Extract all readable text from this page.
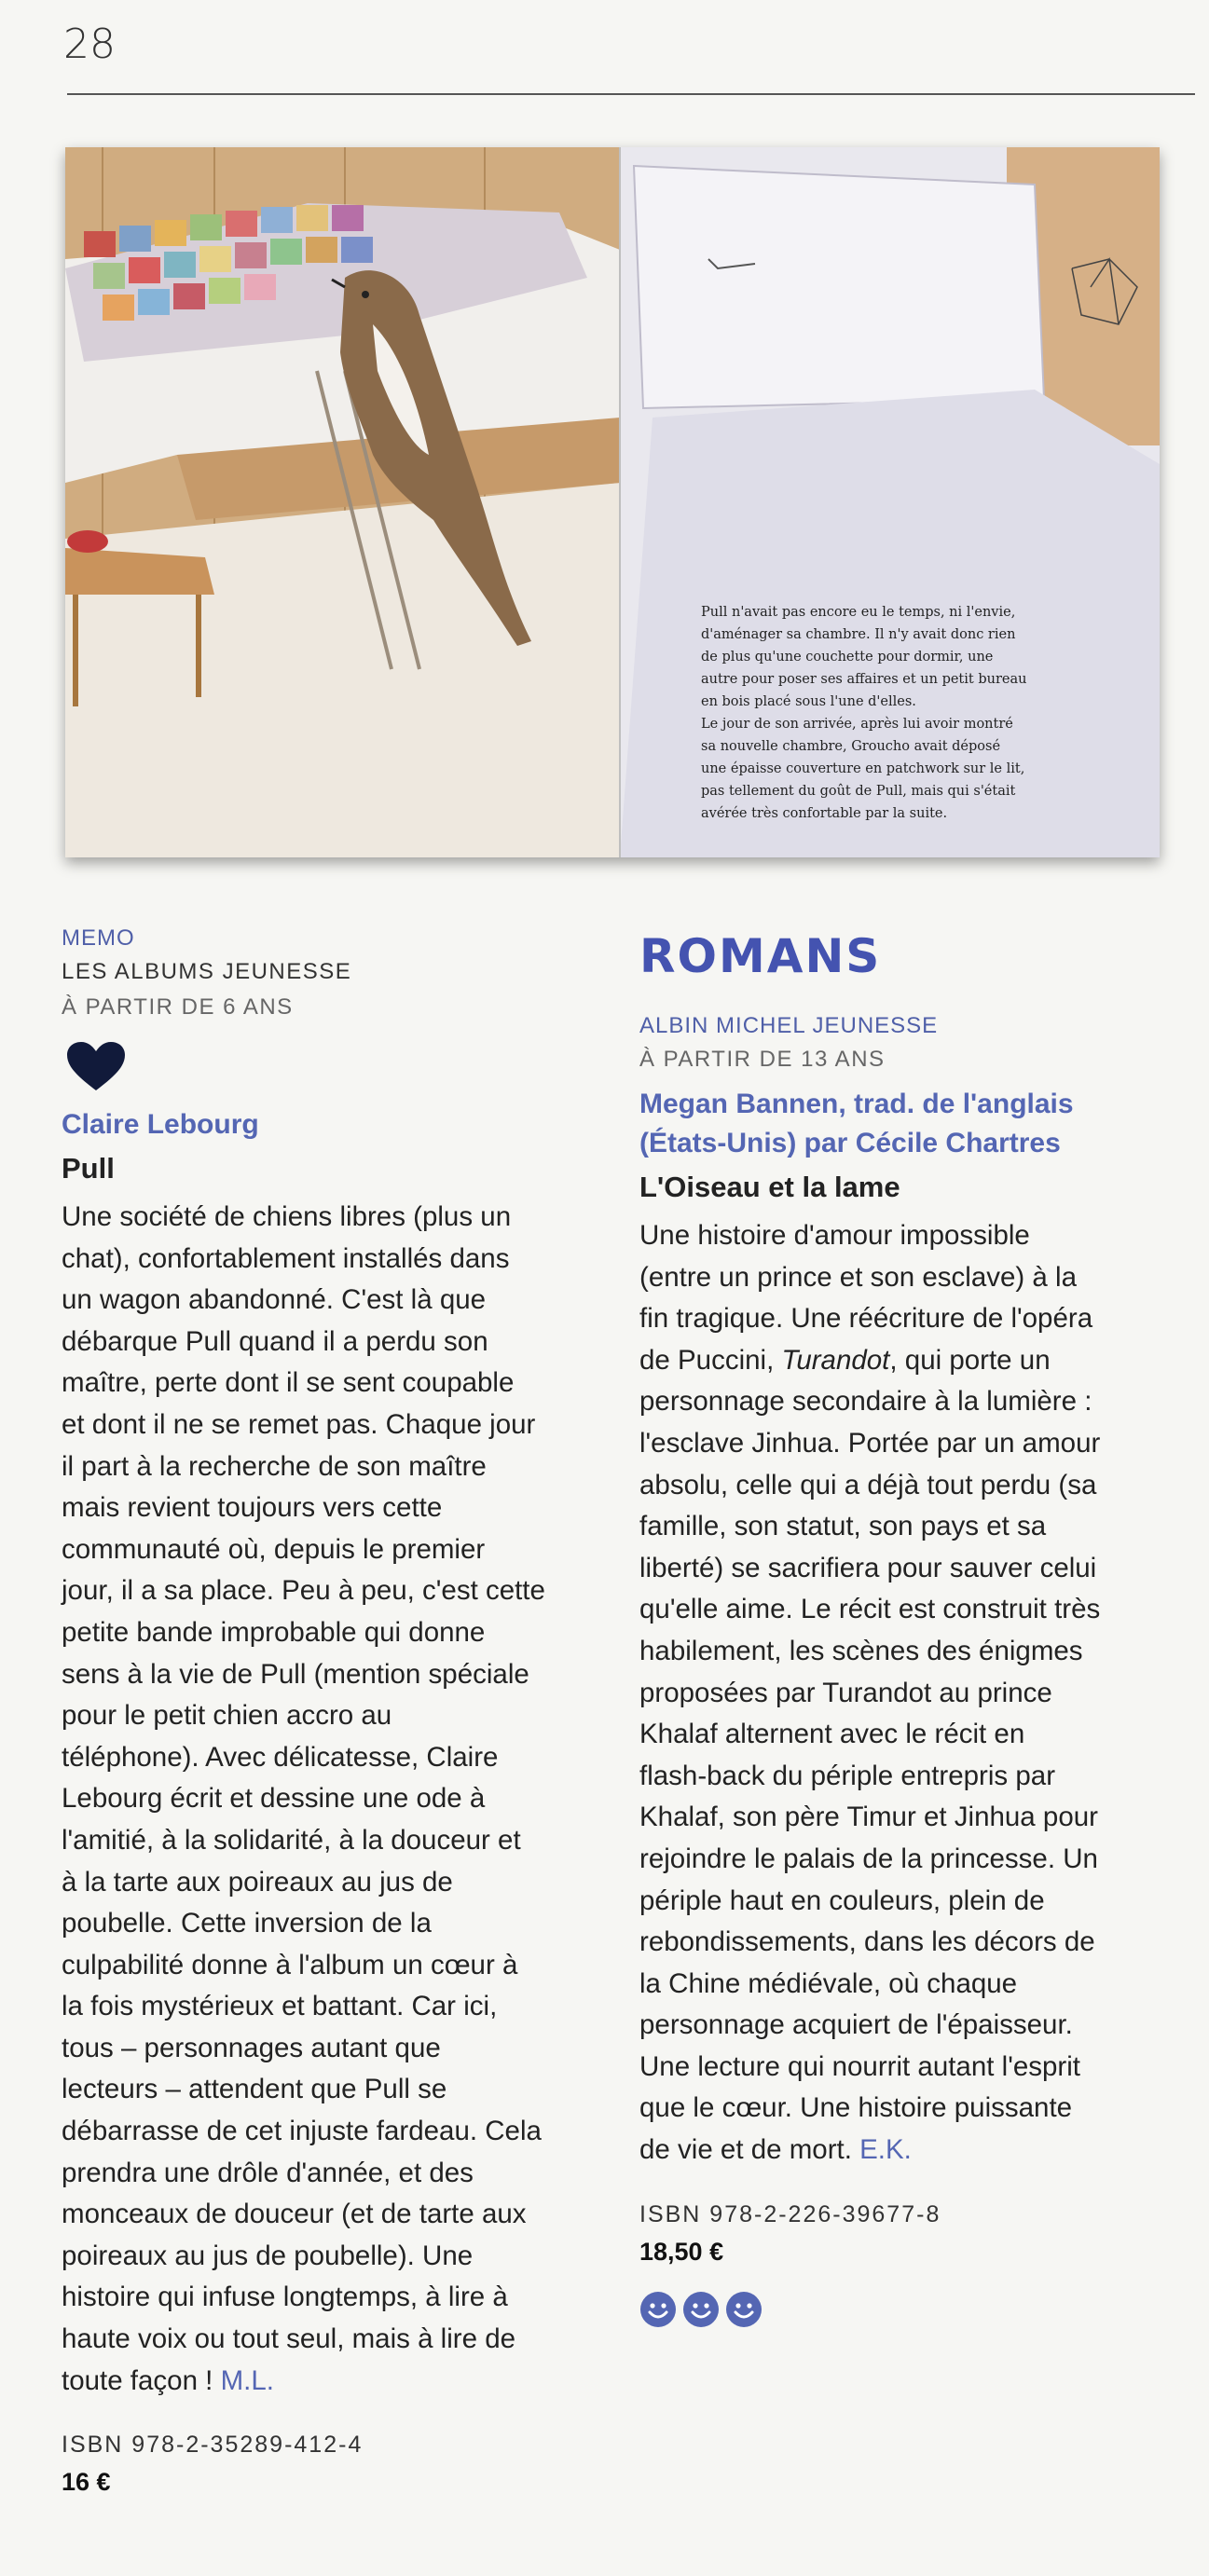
28
Pull n'avait pas encore eu le temps, ni l'envie,
d'aménager sa chambre. Il n'y avait donc rien
de plus qu'une couchette pour dormir, une
autre pour poser ses affaires et un petit bureau
en bois placé sous l'une d'elles.
Le jour de son arrivée, après lui avoir montré
sa nouvelle chambre, Groucho avait déposé
une épaisse couverture en patchwork sur le lit,
pas tellement du goût de Pull, mais qui s'était
avérée très confortable par la suite.
MEMO
LES ALBUMS JEUNESSE
À PARTIR DE 6 ANS
Claire Lebourg
Pull
Une société de chiens libres (plus un
chat), confortablement installés dans
un wagon abandonné. C'est là que
débarque Pull quand il a perdu son
maître, perte dont il se sent coupable
et dont il ne se remet pas. Chaque jour
il part à la recherche de son maître
mais revient toujours vers cette
communauté où, depuis le premier
jour, il a sa place. Peu à peu, c'est cette
petite bande improbable qui donne
sens à la vie de Pull (mention spéciale
pour le petit chien accro au
téléphone). Avec délicatesse, Claire
Lebourg écrit et dessine une ode à
l'amitié, à la solidarité, à la douceur et
à la tarte aux poireaux au jus de
poubelle. Cette inversion de la
culpabilité donne à l'album un cœur à
la fois mystérieux et battant. Car ici,
tous – personnages autant que
lecteurs – attendent que Pull se
débarrasse de cet injuste fardeau. Cela
prendra une drôle d'année, et des
monceaux de douceur (et de tarte aux
poireaux au jus de poubelle). Une
histoire qui infuse longtemps, à lire à
haute voix ou tout seul, mais à lire de
toute façon ! M.L.
ISBN 978-2-35289-412-4
16 €
ROMANS
ALBIN MICHEL JEUNESSE
À PARTIR DE 13 ANS
Megan Bannen, trad. de l'anglais
(États-Unis) par Cécile Chartres
L'Oiseau et la lame
Une histoire d'amour impossible
(entre un prince et son esclave) à la
fin tragique. Une réécriture de l'opéra
de Puccini, Turandot, qui porte un
personnage secondaire à la lumière :
l'esclave Jinhua. Portée par un amour
absolu, celle qui a déjà tout perdu (sa
famille, son statut, son pays et sa
liberté) se sacrifiera pour sauver celui
qu'elle aime. Le récit est construit très
habilement, les scènes des énigmes
proposées par Turandot au prince
Khalaf alternent avec le récit en
flash-back du périple entrepris par
Khalaf, son père Timur et Jinhua pour
rejoindre le palais de la princesse. Un
périple haut en couleurs, plein de
rebondissements, dans les décors de
la Chine médiévale, où chaque
personnage acquiert de l'épaisseur.
Une lecture qui nourrit autant l'esprit
que le cœur. Une histoire puissante
de vie et de mort. E.K.
ISBN 978-2-226-39677-8
18,50 €
